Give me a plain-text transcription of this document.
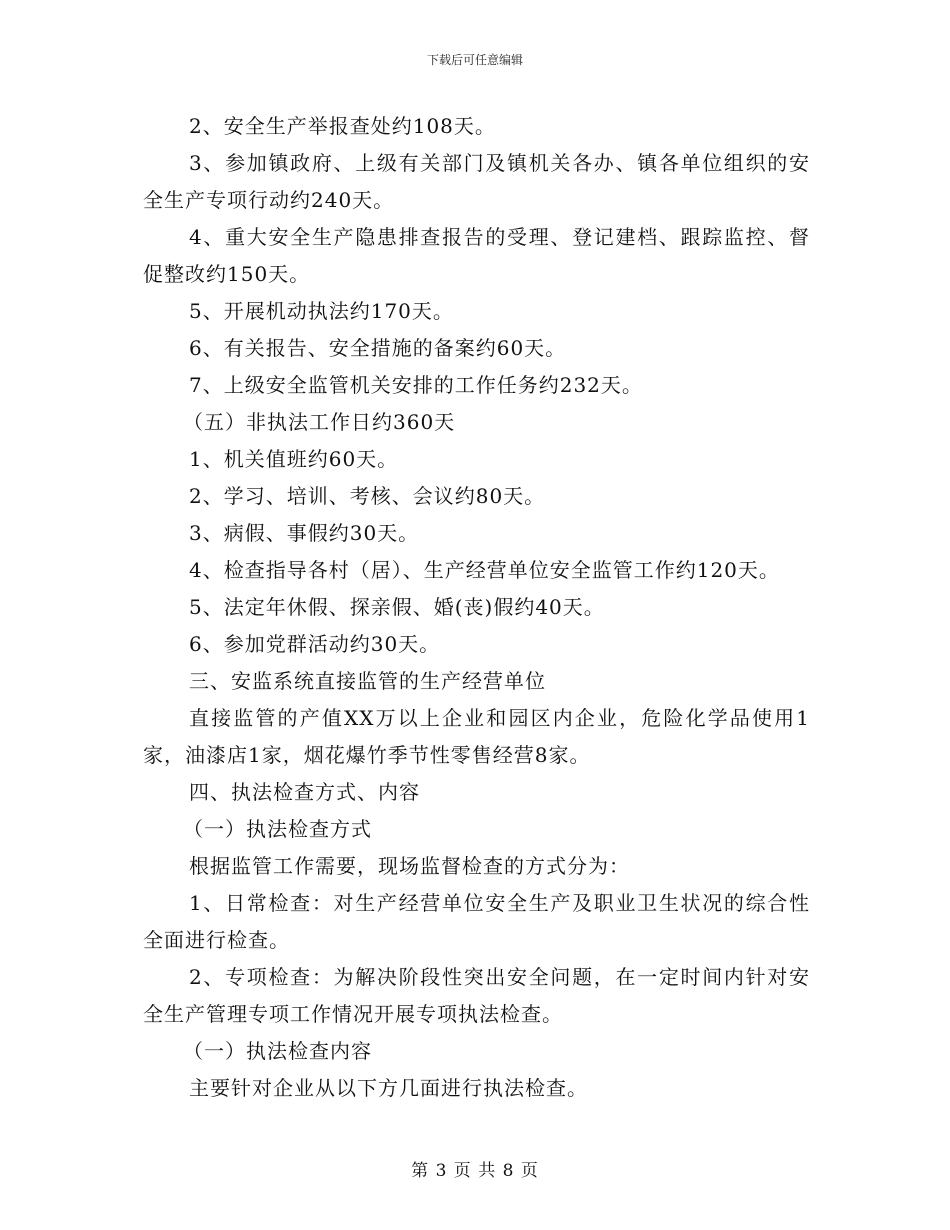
下载后可任意编辑

2、安全生产举报查处约108天。

3、参加镇政府、上级有关部门及镇机关各办、镇各单位组织的安全生产专项行动约240天。

4、重大安全生产隐患排查报告的受理、登记建档、跟踪监控、督促整改约150天。

5、开展机动执法约170天。

6、有关报告、安全措施的备案约60天。

7、上级安全监管机关安排的工作任务约232天。

（五）非执法工作日约360天

1、机关值班约60天。

2、学习、培训、考核、会议约80天。

3、病假、事假约30天。

4、检查指导各村（居）、生产经营单位安全监管工作约120天。

5、法定年休假、探亲假、婚(丧)假约40天。

6、参加党群活动约30天。

三、安监系统直接监管的生产经营单位

直接监管的产值XX万以上企业和园区内企业，危险化学品使用1家，油漆店1家，烟花爆竹季节性零售经营8家。

四、执法检查方式、内容

（一）执法检查方式

根据监管工作需要，现场监督检查的方式分为：

1、日常检查：对生产经营单位安全生产及职业卫生状况的综合性全面进行检查。

2、专项检查：为解决阶段性突出安全问题，在一定时间内针对安全生产管理专项工作情况开展专项执法检查。

（一）执法检查内容

主要针对企业从以下方几面进行执法检查。

第 3 页 共 8 页
